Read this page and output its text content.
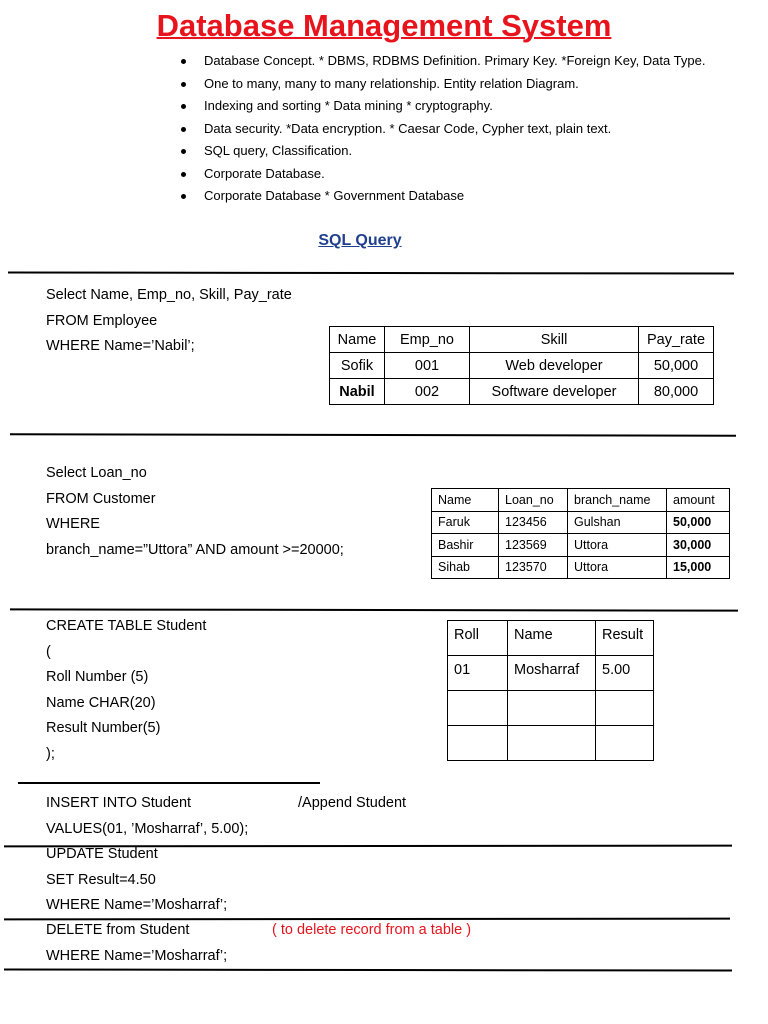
Database Management System
Database Concept. * DBMS, RDBMS Definition. Primary Key. *Foreign Key, Data Type.
One to many, many to many relationship. Entity relation Diagram.
Indexing and sorting * Data mining * cryptography.
Data security. *Data encryption. * Caesar Code, Cypher text, plain text.
SQL query, Classification.
Corporate Database.
Corporate Database * Government Database
SQL Query
Select Name, Emp_no, Skill, Pay_rate
FROM Employee
WHERE Name=’Nabil’;	Name	Emp_no	Skill	Pay_rate
Sofik	001	Web developer	50,000
Nabil	002	Software developer	80,000
Select Loan_no
FROM Customer
WHERE
branch_name=”Uttora” AND amount >=20000;
Name	Loan_no	branch_name	amount
Faruk	123456	Gulshan	50,000
Bashir	123569	Uttora	30,000
Sihab	123570	Uttora	15,000
CREATE TABLE Student
(
Roll Number (5)
Name CHAR(20)
Result Number(5)
);
Roll	Name	Result
01	Mosharraf	5.00

INSERT INTO Student
VALUES(01, ’Mosharraf’, 5.00);
/Append Student
UPDATE Student
SET Result=4.50
WHERE Name=’Mosharraf’;
DELETE from Student
WHERE Name=’Mosharraf’;
( to delete record from a table )
